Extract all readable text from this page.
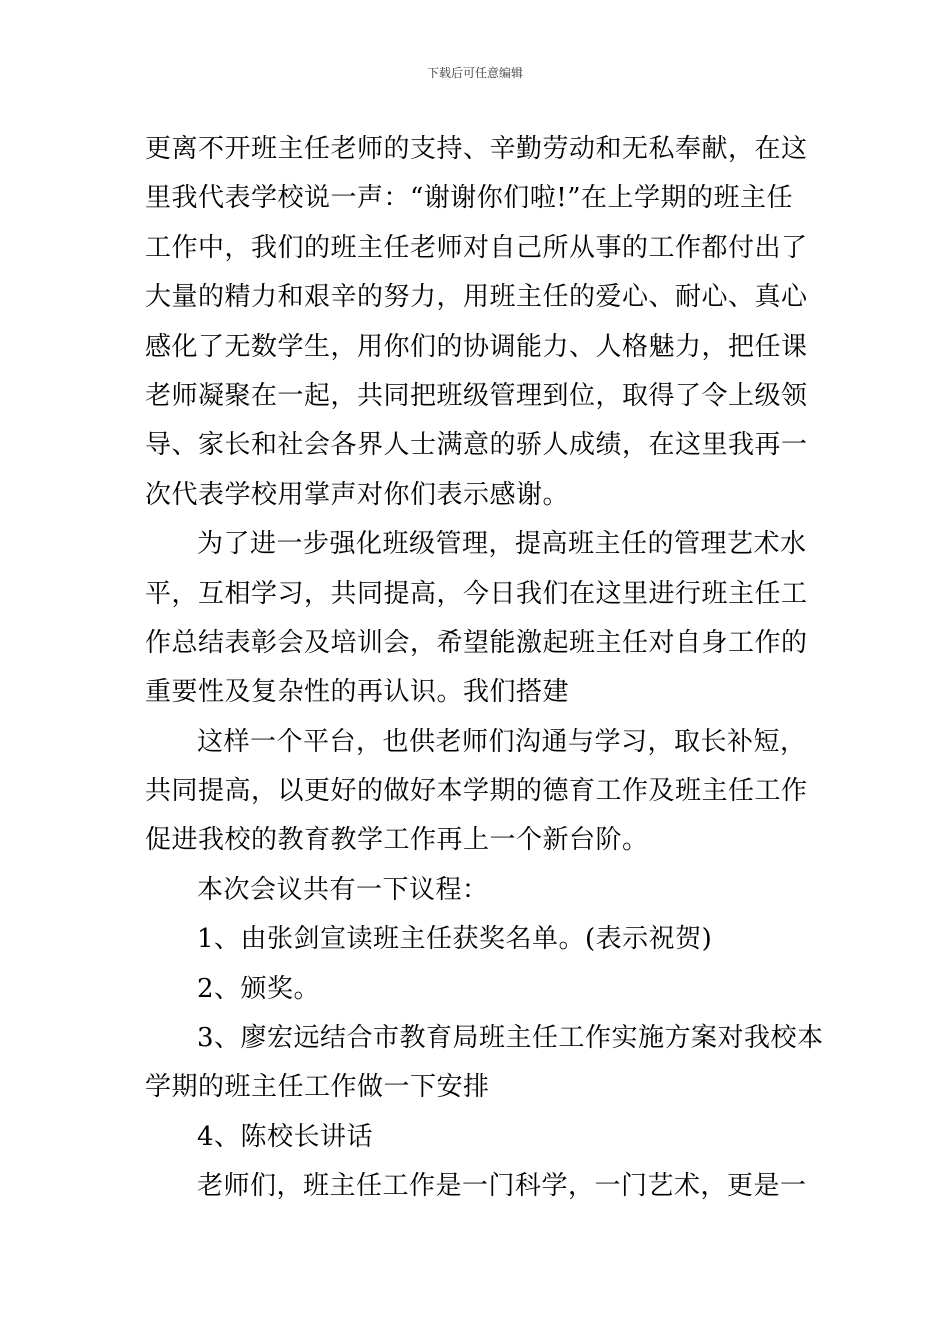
下载后可任意编辑
更离不开班主任老师的支持、辛勤劳动和无私奉献，在这
里我代表学校说一声：“谢谢你们啦!”在上学期的班主任
工作中，我们的班主任老师对自己所从事的工作都付出了
大量的精力和艰辛的努力，用班主任的爱心、耐心、真心
感化了无数学生，用你们的协调能力、人格魅力，把任课
老师凝聚在一起，共同把班级管理到位，取得了令上级领
导、家长和社会各界人士满意的骄人成绩，在这里我再一
次代表学校用掌声对你们表示感谢。
为了进一步强化班级管理，提高班主任的管理艺术水
平，互相学习，共同提高，今日我们在这里进行班主任工
作总结表彰会及培训会，希望能激起班主任对自身工作的
重要性及复杂性的再认识。我们搭建
这样一个平台，也供老师们沟通与学习，取长补短，
共同提高，以更好的做好本学期的德育工作及班主任工作
促进我校的教育教学工作再上一个新台阶。
本次会议共有一下议程：
1、由张剑宣读班主任获奖名单。(表示祝贺)
2、颁奖。
3、廖宏远结合市教育局班主任工作实施方案对我校本
学期的班主任工作做一下安排
4、陈校长讲话
老师们，班主任工作是一门科学，一门艺术，更是一
